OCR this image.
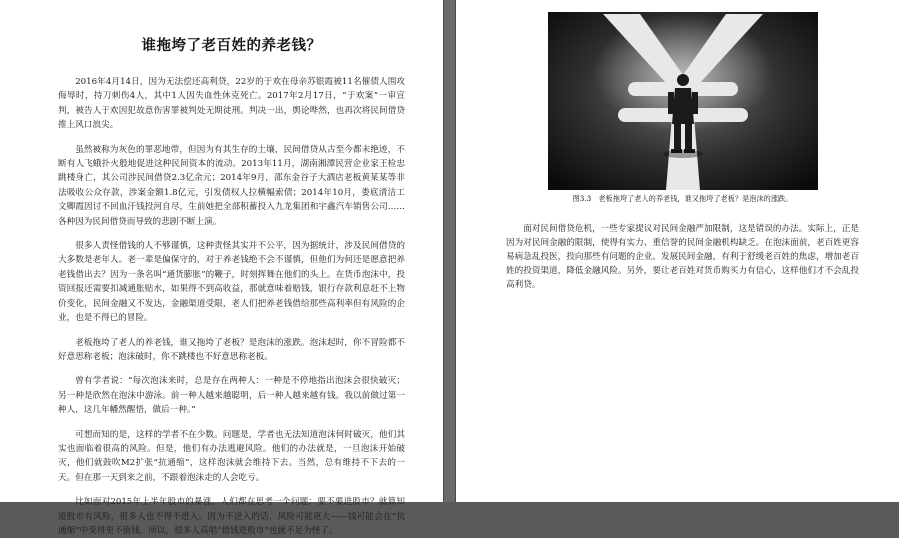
谁拖垮了老百姓的养老钱？

2016年4月14日，因为无法偿还高利贷，22岁的于欢在母亲苏银霞被11名催债人围攻侮辱时，持刀刺伤4人，其中1人因失血性休克死亡。2017年2月17日，“于欢案”一审宣判，被告人于欢因犯故意伤害罪被判处无期徒刑。判决一出，舆论哗然，也再次将民间借贷推上风口浪尖。

虽然被称为灰色的罪恶地带，但因为有其生存的土壤，民间借贷从古至今都未绝迹，不断有人飞蛾扑火般地促进这种民间资本的流动。2013年11月，湖南湘潭民营企业家王检忠跳楼身亡，其公司涉民间借贷2.3亿余元；2014年9月，邵东金谷子大酒店老板黄某某等非法吸收公众存款，涉案金额1.8亿元，引发债权人拉横幅索债；2014年10月，娄底清洁工文卿霞因讨不回血汗钱投河自尽，生前她把全部积蓄投入九龙集团和宇鑫汽车销售公司……各种因为民间借贷而导致的悲剧不断上演。

很多人责怪借钱的人不够谨慎，这种责怪其实并不公平，因为据统计，涉及民间借贷的大多数是老年人。老一辈是偏保守的，对于养老钱绝不会不谨慎，但他们为何还是愿意把养老钱借出去？因为一条名叫“通货膨胀”的鞭子，时刻挥舞在他们的头上。在货币泡沫中，投资回报还需要扣减通胀贴水，如果得不到高收益，那就意味着赔钱，银行存款利息赶不上物价变化，民间金融又不发达，金融渠道受限，老人们把养老钱借给那些高利率但有风险的企业，也是不得已的冒险。

老板拖垮了老人的养老钱，谁又拖垮了老板？是泡沫的涨跌。泡沫起时，你不冒险都不好意思称老板；泡沫破时，你不跳楼也不好意思称老板。

曾有学者说：“每次泡沫来时，总是存在两种人：一种是不停地指出泡沫会很快破灭；另一种是欣然在泡沫中游泳。前一种人越来越聪明，后一种人越来越有钱。我以前做过第一种人，这几年幡然醒悟，做后一种。”

可想而知的是，这样的学者不在少数。问题是，学者也无法知道泡沫何时破灭，他们其实也面临着很高的风险。但是，他们有办法逃避风险。他们的办法就是，一旦泡沫开始破灭，他们就鼓吹M2扩张“抗通缩”，这样泡沫就会维持下去。当然，总有维持不下去的一天。但在那一天到来之前，不跟着泡沫走的人会吃亏。

比如面对2015年上半年股市的暴涨，人们都在思考一个问题：要不要进股市？就算知道股市有风险，很多人也不得不进入。因为不进入的话，风险可能更大——钱可能会在“抗通缩”中变得更不值钱。所以，很多人高唱“借钱进股市”也就不足为怪了。

图3.3　老板拖垮了老人的养老钱，谁又拖垮了老板？是泡沫的涨跌。

面对民间借贷危机，一些专家提议对民间金融严加限制，这是错误的办法。实际上，正是因为对民间金融的限制，使得有实力、重信誉的民间金融机构缺乏。在泡沫面前，老百姓更容易病急乱投医，投向那些有问题的企业。发展民间金融，有利于舒缓老百姓的焦虑，增加老百姓的投资渠道，降低金融风险。另外，要让老百姓对货币购买力有信心，这样他们才不会乱投高利贷。
